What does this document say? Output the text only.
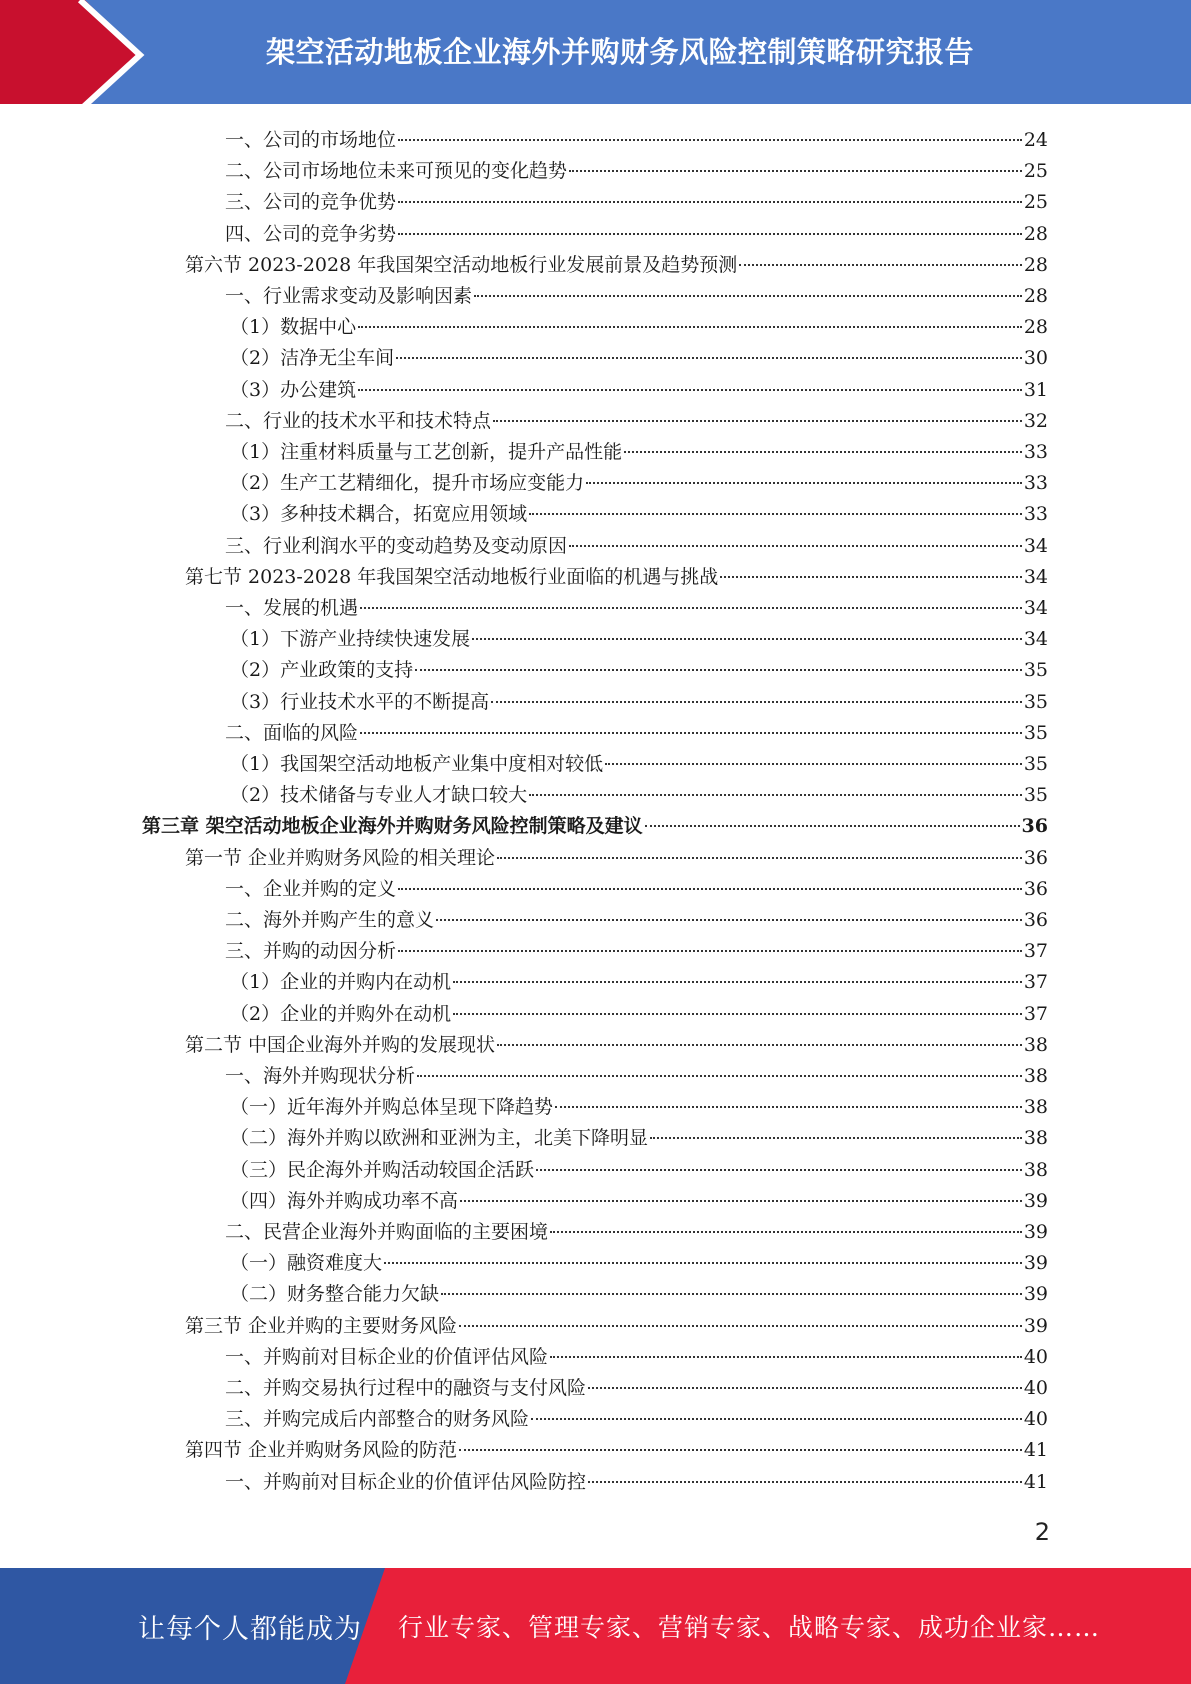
架空活动地板企业海外并购财务风险控制策略研究报告
一、公司的市场地位	24
二、公司市场地位未来可预见的变化趋势	25
三、公司的竞争优势	25
四、公司的竞争劣势	28
第六节 2023-2028 年我国架空活动地板行业发展前景及趋势预测	28
一、行业需求变动及影响因素	28
（1）数据中心	28
（2）洁净无尘车间	30
（3）办公建筑	31
二、行业的技术水平和技术特点	32
（1）注重材料质量与工艺创新，提升产品性能	33
（2）生产工艺精细化，提升市场应变能力	33
（3）多种技术耦合，拓宽应用领域	33
三、行业利润水平的变动趋势及变动原因	34
第七节 2023-2028 年我国架空活动地板行业面临的机遇与挑战	34
一、发展的机遇	34
（1）下游产业持续快速发展	34
（2）产业政策的支持	35
（3）行业技术水平的不断提高	35
二、面临的风险	35
（1）我国架空活动地板产业集中度相对较低	35
（2）技术储备与专业人才缺口较大	35
第三章 架空活动地板企业海外并购财务风险控制策略及建议	36
第一节 企业并购财务风险的相关理论	36
一、企业并购的定义	36
二、海外并购产生的意义	36
三、并购的动因分析	37
（1）企业的并购内在动机	37
（2）企业的并购外在动机	37
第二节 中国企业海外并购的发展现状	38
一、海外并购现状分析	38
（一）近年海外并购总体呈现下降趋势	38
（二）海外并购以欧洲和亚洲为主，北美下降明显	38
（三）民企海外并购活动较国企活跃	38
（四）海外并购成功率不高	39
二、民营企业海外并购面临的主要困境	39
（一）融资难度大	39
（二）财务整合能力欠缺	39
第三节 企业并购的主要财务风险	39
一、并购前对目标企业的价值评估风险	40
二、并购交易执行过程中的融资与支付风险	40
三、并购完成后内部整合的财务风险	40
第四节 企业并购财务风险的防范	41
一、并购前对目标企业的价值评估风险防控	41
2
让每个人都能成为 行业专家、管理专家、营销专家、战略专家、成功企业家……
